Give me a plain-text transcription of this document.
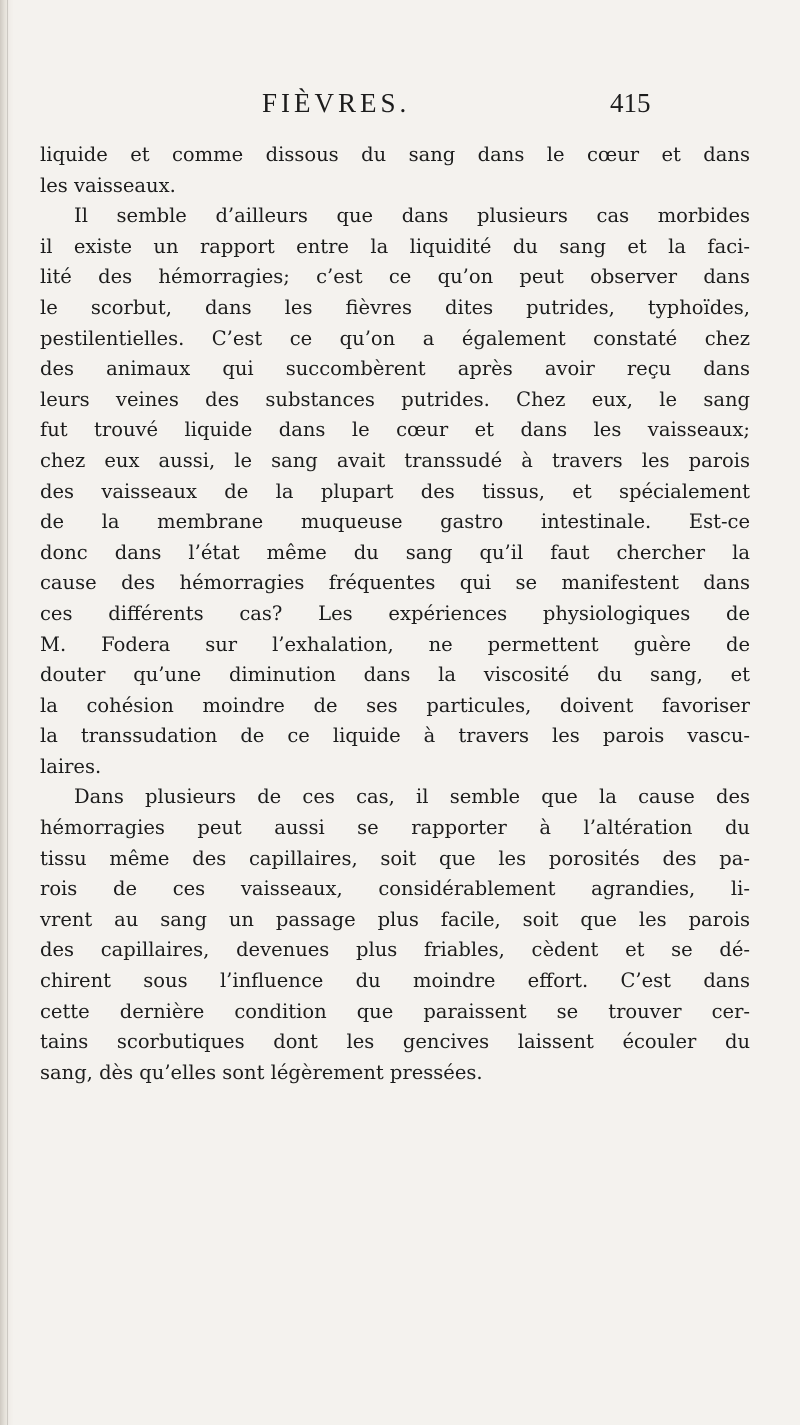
FIÈVRES.	415
liquide et comme dissous du sang dans le cœur et dans
les vaisseaux.
Il semble d’ailleurs que dans plusieurs cas morbides
il existe un rapport entre la liquidité du sang et la faci-
lité des hémorragies; c’est ce qu’on peut observer dans
le scorbut, dans les fièvres dites putrides, typhoïdes,
pestilentielles. C’est ce qu’on a également constaté chez
des animaux qui succombèrent après avoir reçu dans
leurs veines des substances putrides. Chez eux, le sang
fut trouvé liquide dans le cœur et dans les vaisseaux;
chez eux aussi, le sang avait transsudé à travers les parois
des vaisseaux de la plupart des tissus, et spécialement
de la membrane muqueuse gastro intestinale. Est-ce
donc dans l’état même du sang qu’il faut chercher la
cause des hémorragies fréquentes qui se manifestent dans
ces différents cas? Les expériences physiologiques de
M. Fodera sur l’exhalation, ne permettent guère de
douter qu’une diminution dans la viscosité du sang, et
la cohésion moindre de ses particules, doivent favoriser
la transsudation de ce liquide à travers les parois vascu-
laires.
Dans plusieurs de ces cas, il semble que la cause des
hémorragies peut aussi se rapporter à l’altération du
tissu même des capillaires, soit que les porosités des pa-
rois de ces vaisseaux, considérablement agrandies, li-
vrent au sang un passage plus facile, soit que les parois
des capillaires, devenues plus friables, cèdent et se dé-
chirent sous l’influence du moindre effort. C’est dans
cette dernière condition que paraissent se trouver cer-
tains scorbutiques dont les gencives laissent écouler du
sang, dès qu’elles sont légèrement pressées.
